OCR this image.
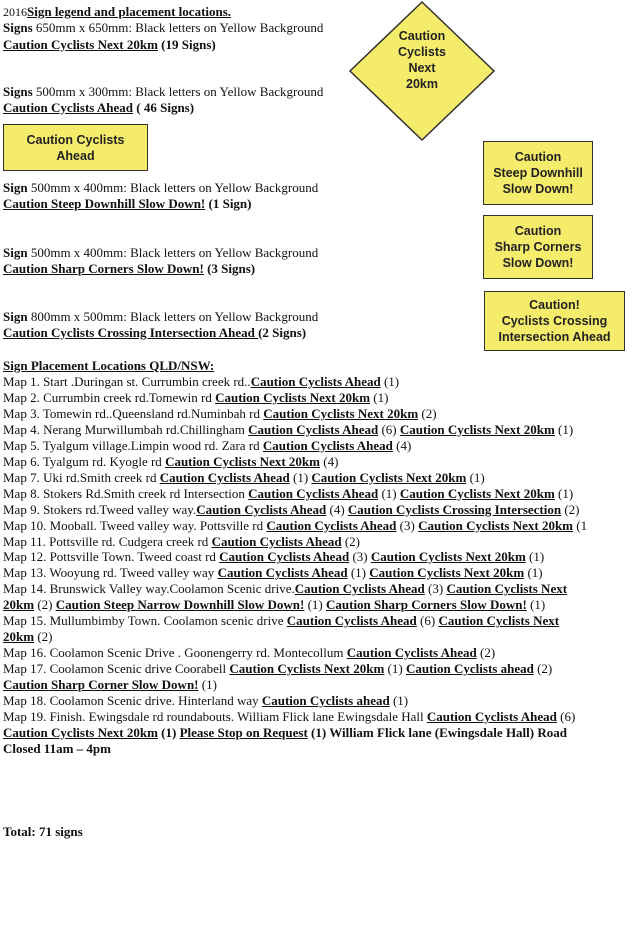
2016Sign legend and placement locations.
Signs 650mm x 650mm: Black letters on Yellow Background
Caution Cyclists Next 20km (19 Signs)
Signs 500mm x 300mm: Black letters on Yellow Background
Caution Cyclists Ahead ( 46 Signs)
Sign 500mm x 400mm: Black letters on Yellow Background
Caution Steep Downhill Slow Down! (1 Sign)
Sign 500mm x 400mm: Black letters on Yellow Background
Caution Sharp Corners Slow Down! (3 Signs)
Sign 800mm x 500mm: Black letters on Yellow Background
Caution Cyclists Crossing Intersection Ahead (2 Signs)
Caution
Cyclists
Next
20km
Caution Cyclists
Ahead	Caution
Steep Downhill
Slow Down!
Caution
Sharp Corners
Slow Down!
Caution!
Cyclists Crossing
Intersection Ahead
Sign Placement Locations QLD/NSW:
Map 1. Start .Duringan st. Currumbin creek rd..Caution Cyclists Ahead (1)
Map 2. Currumbin creek rd.Tomewin rd Caution Cyclists Next 20km (1)
Map 3. Tomewin rd..Queensland rd.Numinbah rd Caution Cyclists Next 20km (2)
Map 4. Nerang Murwillumbah rd.Chillingham Caution Cyclists Ahead (6) Caution Cyclists Next 20km (1)
Map 5. Tyalgum village.Limpin wood rd. Zara rd Caution Cyclists Ahead (4)
Map 6. Tyalgum rd. Kyogle rd Caution Cyclists Next 20km (4)
Map 7. Uki rd.Smith creek rd Caution Cyclists Ahead (1) Caution Cyclists Next 20km (1)
Map 8. Stokers Rd.Smith creek rd Intersection Caution Cyclists Ahead (1) Caution Cyclists Next 20km (1)
Map 9. Stokers rd.Tweed valley way.Caution Cyclists Ahead (4) Caution Cyclists Crossing Intersection (2)
Map 10. Mooball. Tweed valley way. Pottsville rd Caution Cyclists Ahead (3) Caution Cyclists Next 20km (1
Map 11. Pottsville rd. Cudgera creek rd Caution Cyclists Ahead (2)
Map 12. Pottsville Town. Tweed coast rd Caution Cyclists Ahead (3) Caution Cyclists Next 20km (1)
Map 13. Wooyung rd. Tweed valley way Caution Cyclists Ahead (1) Caution Cyclists Next 20km (1)
Map 14. Brunswick Valley way.Coolamon Scenic drive.Caution Cyclists Ahead (3) Caution Cyclists Next
20km (2) Caution Steep Narrow Downhill Slow Down! (1) Caution Sharp Corners Slow Down! (1)
Map 15. Mullumbimby Town. Coolamon scenic drive Caution Cyclists Ahead (6) Caution Cyclists Next
20km (2)
Map 16. Coolamon Scenic Drive . Goonengerry rd. Montecollum Caution Cyclists Ahead (2)
Map 17. Coolamon Scenic drive Coorabell Caution Cyclists Next 20km (1) Caution Cyclists ahead (2)
Caution Sharp Corner Slow Down! (1)
Map 18. Coolamon Scenic drive. Hinterland way Caution Cyclists ahead (1)
Map 19. Finish. Ewingsdale rd roundabouts. William Flick lane Ewingsdale Hall Caution Cyclists Ahead (6)
Caution Cyclists Next 20km (1) Please Stop on Request (1) William Flick lane (Ewingsdale Hall) Road
Closed 11am – 4pm
Total: 71 signs
